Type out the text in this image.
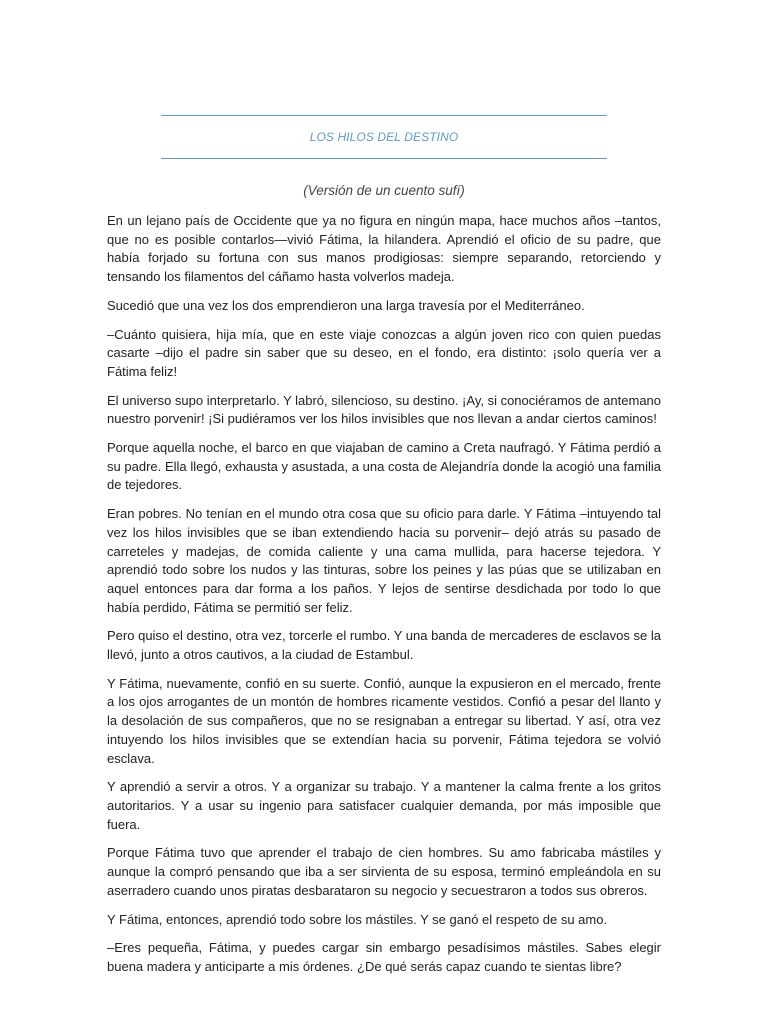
LOS HILOS DEL DESTINO
(Versión de un cuento sufí)

En un lejano país de Occidente que ya no figura en ningún mapa, hace muchos años –tantos, que no es posible contarlos—vivió Fátima, la hilandera. Aprendió el oficio de su padre, que había forjado su fortuna con sus manos prodigiosas: siempre separando, retorciendo y tensando los filamentos del cáñamo hasta volverlos madeja.

Sucedió que una vez los dos emprendieron una larga travesía por el Mediterráneo.

–Cuánto quisiera, hija mía, que en este viaje conozcas a algún joven rico con quien puedas casarte –dijo el padre sin saber que su deseo, en el fondo, era distinto: ¡solo quería ver a Fátima feliz!

El universo supo interpretarlo. Y labró, silencioso, su destino. ¡Ay, si conociéramos de antemano nuestro porvenir! ¡Si pudiéramos ver los hilos invisibles que nos llevan a andar ciertos caminos!

Porque aquella noche, el barco en que viajaban de camino a Creta naufragó. Y Fátima perdió a su padre. Ella llegó, exhausta y asustada, a una costa de Alejandría donde la acogió una familia de tejedores.

Eran pobres. No tenían en el mundo otra cosa que su oficio para darle. Y Fátima –intuyendo tal vez los hilos invisibles que se iban extendiendo hacia su porvenir– dejó atrás su pasado de carreteles y madejas, de comida caliente y una cama mullida, para hacerse tejedora. Y aprendió todo sobre los nudos y las tinturas, sobre los peines y las púas que se utilizaban en aquel entonces para dar forma a los paños. Y lejos de sentirse desdichada por todo lo que había perdido, Fátima se permitió ser feliz.

Pero quiso el destino, otra vez, torcerle el rumbo. Y una banda de mercaderes de esclavos se la llevó, junto a otros cautivos, a la ciudad de Estambul.

Y Fátima, nuevamente, confió en su suerte. Confió, aunque la expusieron en el mercado, frente a los ojos arrogantes de un montón de hombres ricamente vestidos. Confió a pesar del llanto y la desolación de sus compañeros, que no se resignaban a entregar su libertad. Y así, otra vez intuyendo los hilos invisibles que se extendían hacia su porvenir, Fátima tejedora se volvió esclava.

Y aprendió a servir a otros. Y a organizar su trabajo. Y a mantener la calma frente a los gritos autoritarios. Y a usar su ingenio para satisfacer cualquier demanda, por más imposible que fuera.

Porque Fátima tuvo que aprender el trabajo de cien hombres. Su amo fabricaba mástiles y aunque la compró pensando que iba a ser sirvienta de su esposa, terminó empleándola en su aserradero cuando unos piratas desbarataron su negocio y secuestraron a todos sus obreros.

Y Fátima, entonces, aprendió todo sobre los mástiles. Y se ganó el respeto de su amo.

–Eres pequeña, Fátima, y puedes cargar sin embargo pesadísimos mástiles. Sabes elegir buena madera y anticiparte a mis órdenes. ¿De qué serás capaz cuando te sientas libre?
